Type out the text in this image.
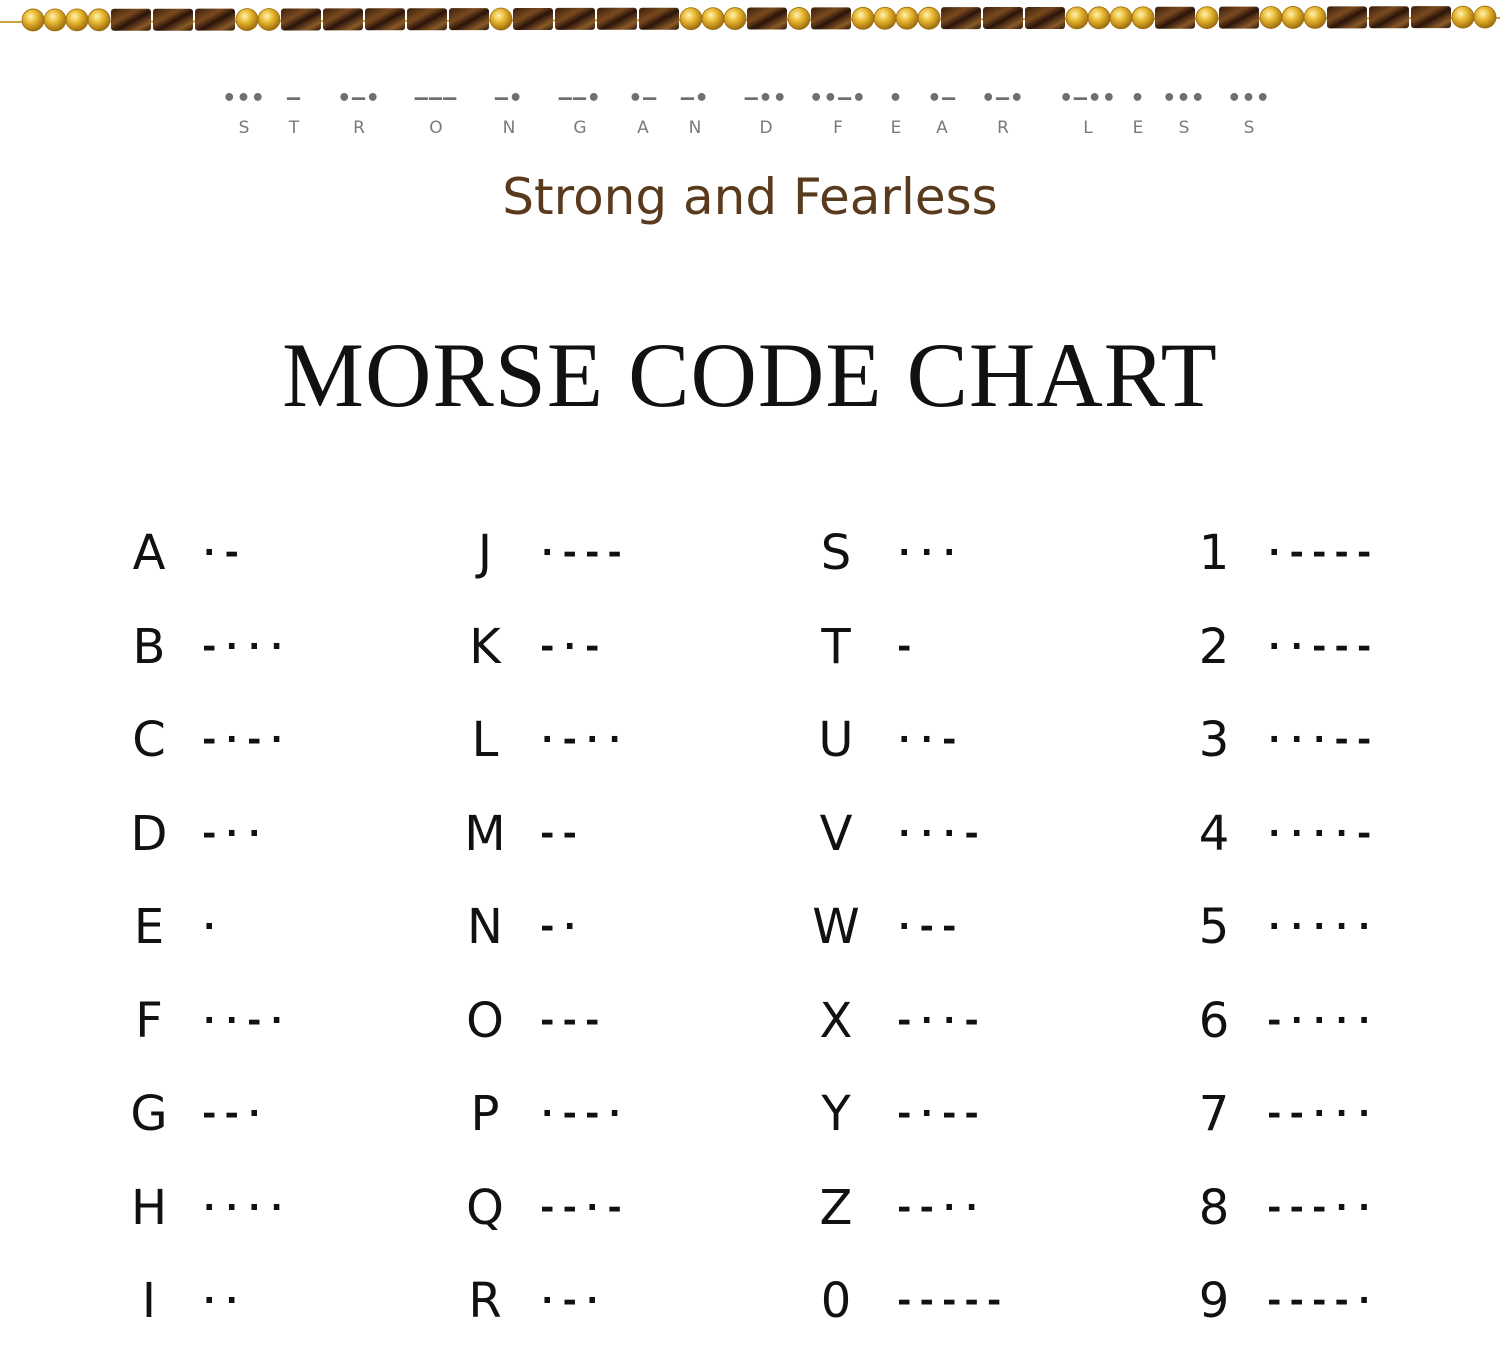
•••
S
–
T
•–•
R
–––
O
–•
N
––•
G
•–
A
–•
N
–••
D
••–•
F
•
E
•–
A
•–•
R
•–••
L
•
E
•••
S
•••
S
Strong and Fearless
MORSE CODE CHART
A ·-
B -···
C -·-·
D -··
E	·
F	··-·
G --·
H ····
I	··
J	·---
K	-·-
L	·-··
M --
N	-·
O ---
P	·--·
Q --·-
R	·-·
S	···
T	-
U	··-
V	···-
W ·--
X	-··-
Y	-·--
Z	--··
0	-----
1	·----
2	··---
3	···--
4	····-
5	·····
6	-····
7	--···
8	---··
9	----·
